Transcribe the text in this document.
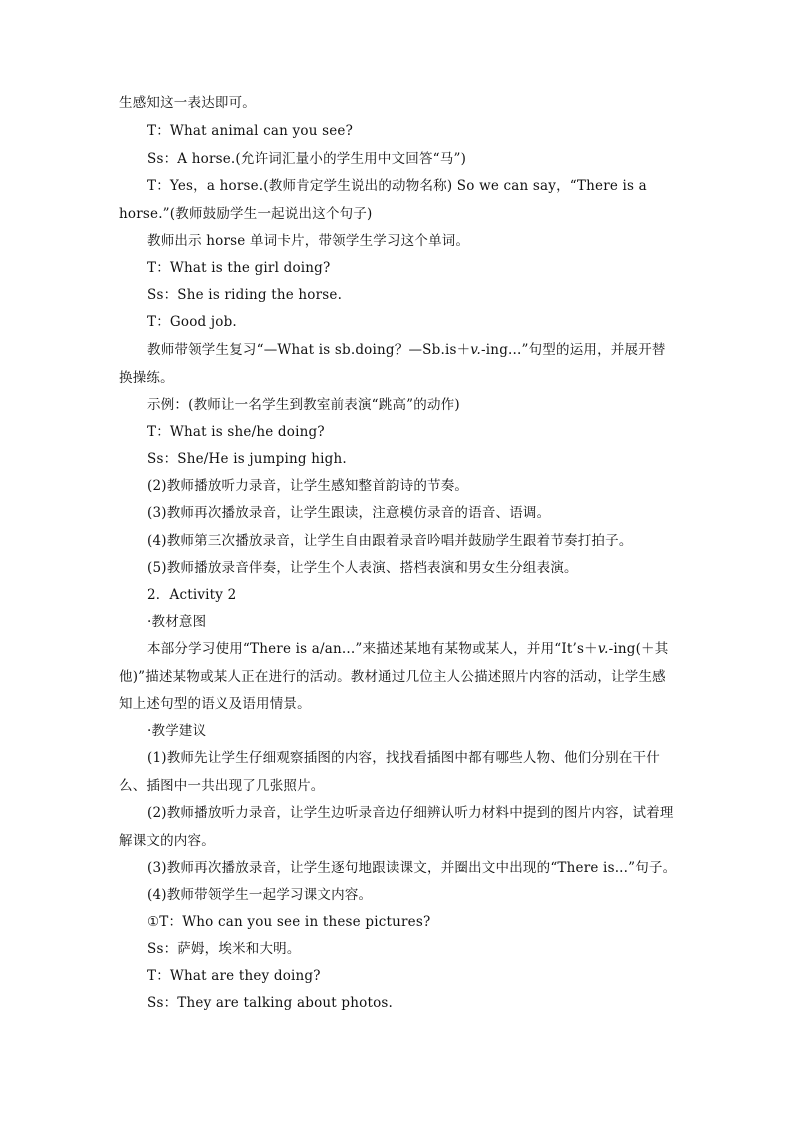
生感知这一表达即可。
T：What animal can you see?
Ss：A horse.(允许词汇量小的学生用中文回答“马”)
T：Yes，a horse.(教师肯定学生说出的动物名称) So we can say，“There is a horse.”(教师鼓励学生一起说出这个句子)
教师出示 horse 单词卡片，带领学生学习这个单词。
T：What is the girl doing?
Ss：She is riding the horse.
T：Good job.
教师带领学生复习“—What is sb.doing？—Sb.is＋v.-ing...”句型的运用，并展开替换操练。
示例：(教师让一名学生到教室前表演“跳高”的动作)
T：What is she/he doing?
Ss：She/He is jumping high.
(2)教师播放听力录音，让学生感知整首韵诗的节奏。
(3)教师再次播放录音，让学生跟读，注意模仿录音的语音、语调。
(4)教师第三次播放录音，让学生自由跟着录音吟唱并鼓励学生跟着节奏打拍子。
(5)教师播放录音伴奏，让学生个人表演、搭档表演和男女生分组表演。
2．Activity 2
·教材意图
本部分学习使用“There is a/an...”来描述某地有某物或某人，并用“It’s＋v.-ing(＋其他)”描述某物或某人正在进行的活动。教材通过几位主人公描述照片内容的活动，让学生感知上述句型的语义及语用情景。
·教学建议
(1)教师先让学生仔细观察插图的内容，找找看插图中都有哪些人物、他们分别在干什么、插图中一共出现了几张照片。
(2)教师播放听力录音，让学生边听录音边仔细辨认听力材料中提到的图片内容，试着理解课文的内容。
(3)教师再次播放录音，让学生逐句地跟读课文，并圈出文中出现的“There is...”句子。
(4)教师带领学生一起学习课文内容。
①T：Who can you see in these pictures?
Ss：萨姆，埃米和大明。
T：What are they doing?
Ss：They are talking about photos.
